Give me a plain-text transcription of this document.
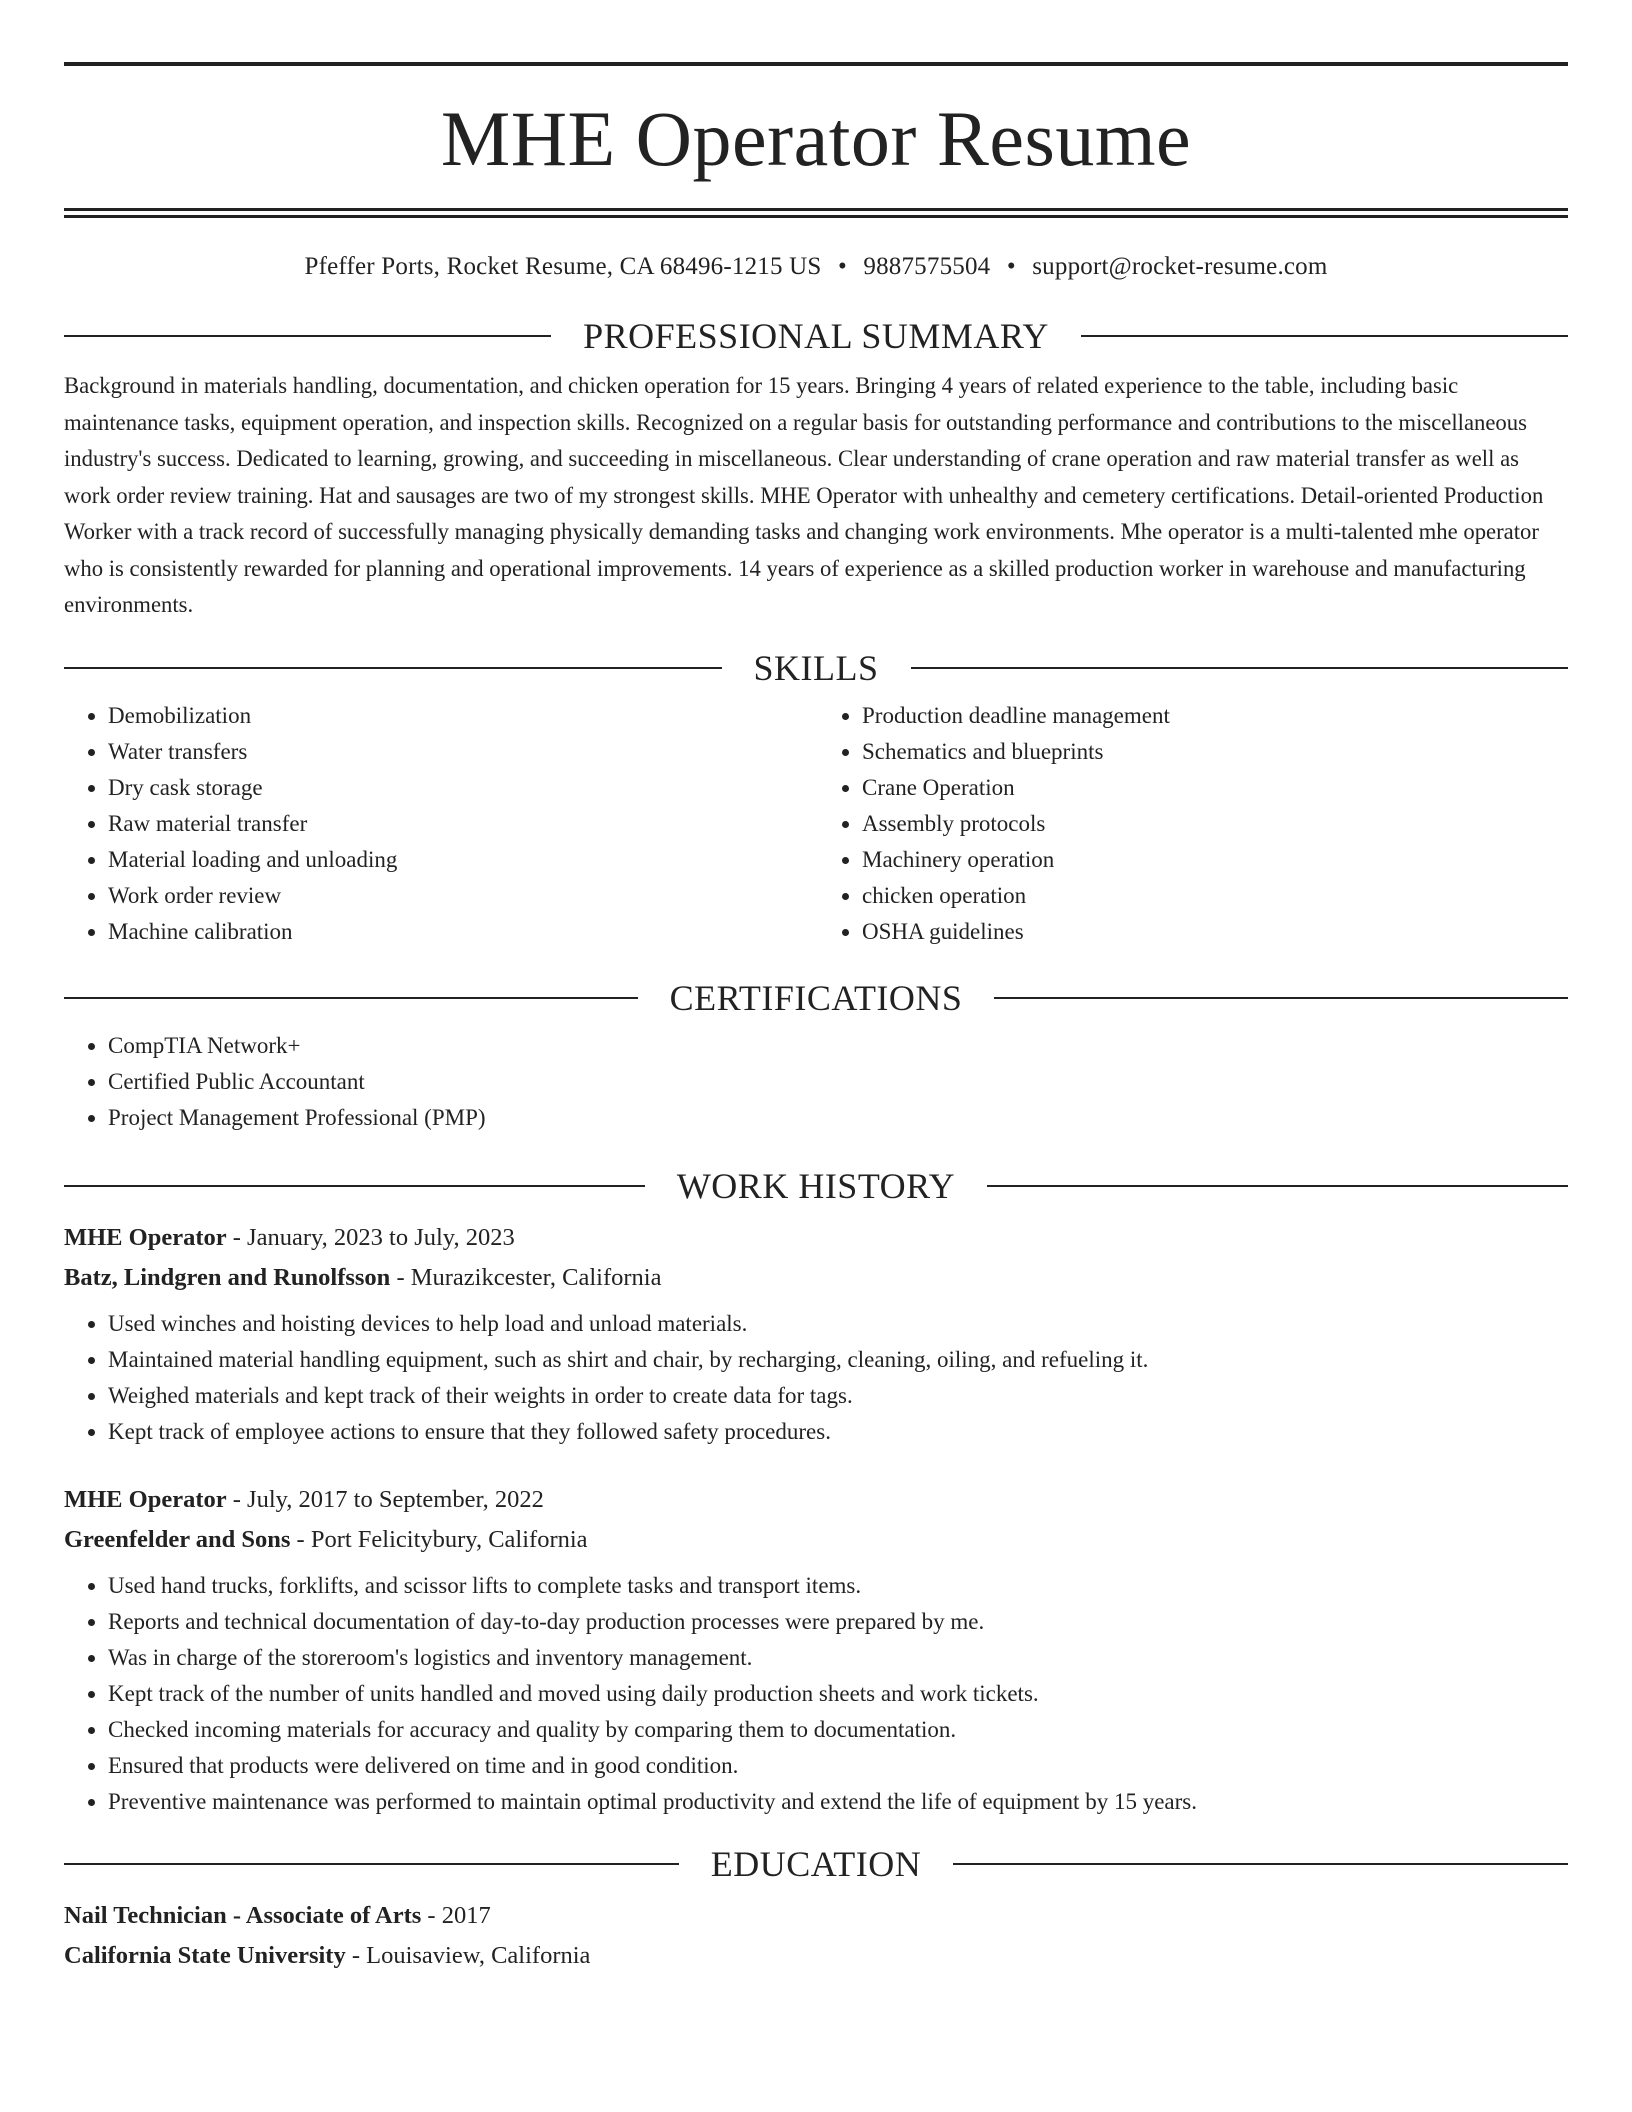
MHE Operator Resume
Pfeffer Ports, Rocket Resume, CA 68496-1215 US • 9887575504 • support@rocket-resume.com
PROFESSIONAL SUMMARY

Background in materials handling, documentation, and chicken operation for 15 years. Bringing 4 years of related experience to the table, including basic maintenance tasks, equipment operation, and inspection skills. Recognized on a regular basis for outstanding performance and contributions to the miscellaneous industry's success. Dedicated to learning, growing, and succeeding in miscellaneous. Clear understanding of crane operation and raw material transfer as well as work order review training. Hat and sausages are two of my strongest skills. MHE Operator with unhealthy and cemetery certifications. Detail-oriented Production Worker with a track record of successfully managing physically demanding tasks and changing work environments. Mhe operator is a multi-talented mhe operator who is consistently rewarded for planning and operational improvements. 14 years of experience as a skilled production worker in warehouse and manufacturing environments.

SKILLS
• Demobilization
• Water transfers
• Dry cask storage
• Raw material transfer
• Material loading and unloading
• Work order review
• Machine calibration
• Production deadline management
• Schematics and blueprints
• Crane Operation
• Assembly protocols
• Machinery operation
• chicken operation
• OSHA guidelines
CERTIFICATIONS
• CompTIA Network+
• Certified Public Accountant
• Project Management Professional (PMP)
WORK HISTORY
MHE Operator - January, 2023 to July, 2023
Batz, Lindgren and Runolfsson - Murazikcester, California
• Used winches and hoisting devices to help load and unload materials.
• Maintained material handling equipment, such as shirt and chair, by recharging, cleaning, oiling, and refueling it.
• Weighed materials and kept track of their weights in order to create data for tags.
• Kept track of employee actions to ensure that they followed safety procedures.
MHE Operator - July, 2017 to September, 2022
Greenfelder and Sons - Port Felicitybury, California
• Used hand trucks, forklifts, and scissor lifts to complete tasks and transport items.
• Reports and technical documentation of day-to-day production processes were prepared by me.
• Was in charge of the storeroom's logistics and inventory management.
• Kept track of the number of units handled and moved using daily production sheets and work tickets.
• Checked incoming materials for accuracy and quality by comparing them to documentation.
• Ensured that products were delivered on time and in good condition.
• Preventive maintenance was performed to maintain optimal productivity and extend the life of equipment by 15 years.
EDUCATION
Nail Technician - Associate of Arts - 2017
California State University - Louisaview, California
